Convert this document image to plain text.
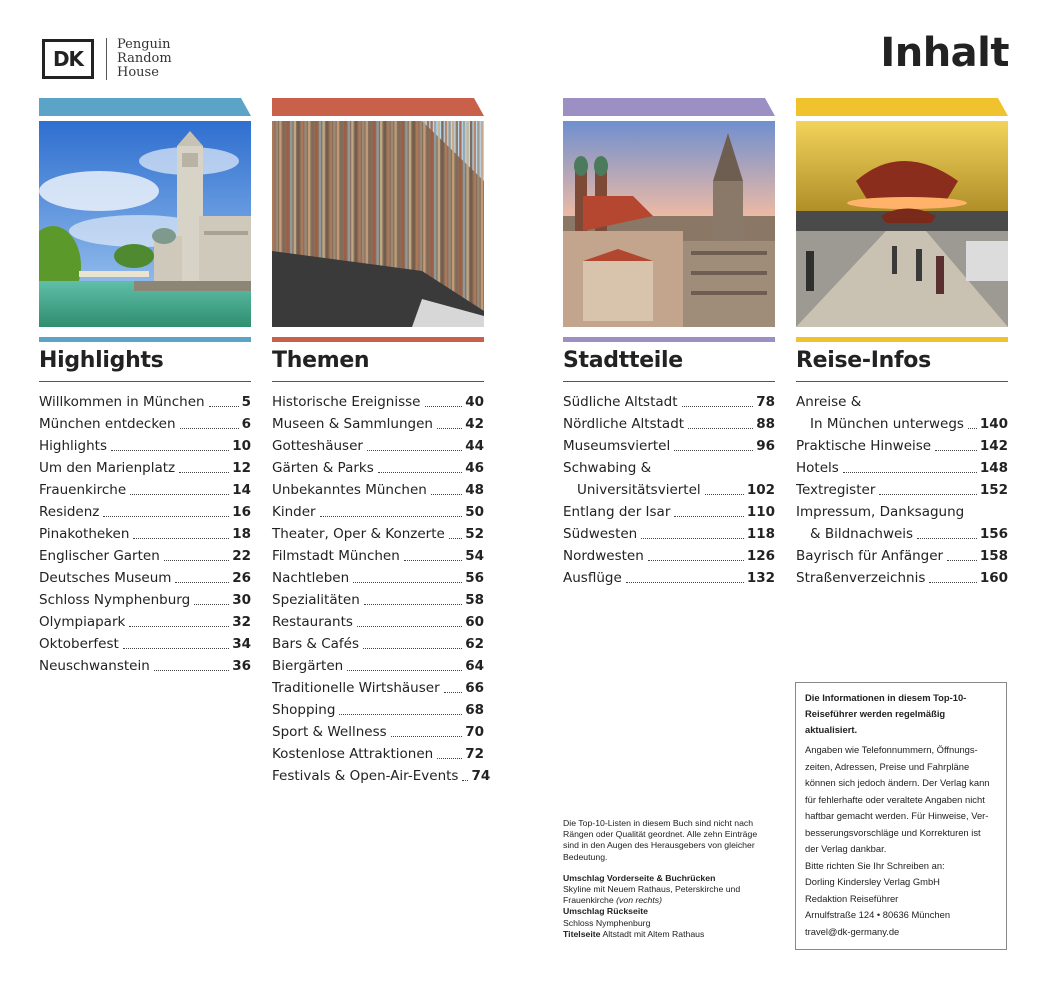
DK
Penguin
Random
House	Inhalt
Highlights
Willkommen in München	5
München entdecken	6
Highlights	10
Um den Marienplatz	12
Frauenkirche	14
Residenz	16
Pinakotheken	18
Englischer Garten	22
Deutsches Museum	26
Schloss Nymphenburg	30
Olympiapark	32
Oktoberfest	34
Neuschwanstein	36
Themen
Historische Ereignisse	40
Museen & Sammlungen 42
Gotteshäuser	44
Gärten & Parks	46
Unbekanntes München	48
Kinder	50
Theater, Oper & Konzerte 52
Filmstadt München	54
Nachtleben	56
Spezialitäten	58
Restaurants	60
Bars & Cafés	62
Biergärten	64
Traditionelle Wirtshäuser 66
Shopping	68
Sport & Wellness	70
Kostenlose Attraktionen 72
Festivals & Open-Air-Events 74
Stadtteile
Südliche Altstadt	78
Nördliche Altstadt	88
Museumsviertel	96
Schwabing &
Universitätsviertel	102
Entlang der Isar	110
Südwesten	118
Nordwesten	126
Ausflüge	132
Reise-Infos
Anreise &
In München unterwegs 140
Praktische Hinweise	142
Hotels	148
Textregister	152
Impressum, Danksagung
& Bildnachweis	156
Bayrisch für Anfänger	158
Straßenverzeichnis	160

Die Top-10-Listen in diesem Buch sind nicht nach Rängen oder Qualität geordnet. Alle zehn Einträge sind in den Augen des Herausgebers von gleicher Bedeutung.

Umschlag Vorderseite & Buchrücken
Skyline mit Neuem Rathaus, Peterskirche und Frauenkirche (von rechts)
Umschlag Rückseite
Schloss Nymphenburg
Titelseite Altstadt mit Altem Rathaus
Die Informationen in diesem Top-10-
Reiseführer werden regelmäßig
aktualisiert.
Angaben wie Telefonnummern, Öffnungs-
zeiten, Adressen, Preise und Fahrpläne
können sich jedoch ändern. Der Verlag kann
für fehlerhafte oder veraltete Angaben nicht
haftbar gemacht werden. Für Hinweise, Ver-
besserungsvorschläge und Korrekturen ist
der Verlag dankbar.
Bitte richten Sie Ihr Schreiben an:
Dorling Kindersley Verlag GmbH
Redaktion Reiseführer
Arnulfstraße 124 • 80636 München
travel@dk-germany.de
